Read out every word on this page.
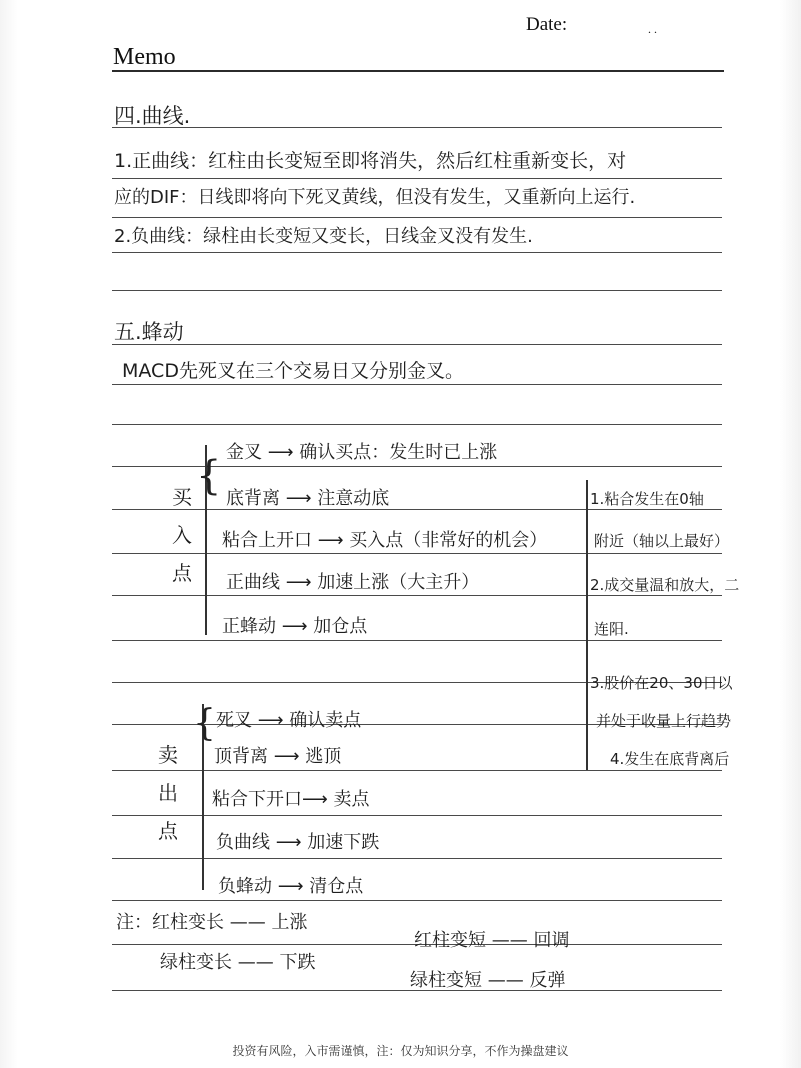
Date:	. .
Memo
四.曲线.
1.正曲线：红柱由长变短至即将消失，然后红柱重新变长，对
应的DIF：日线即将向下死叉黄线，但没有发生，又重新向上运行.
2.负曲线：绿柱由长变短又变长，日线金叉没有发生.
五.蜂动
MACD先死叉在三个交易日又分别金叉。
买
入
点
{
金叉 ⟶ 确认买点：发生时已上涨
底背离 ⟶ 注意动底
粘合上开口 ⟶ 买入点（非常好的机会）
正曲线 ⟶ 加速上涨（大主升）
正蜂动 ⟶ 加仓点
1.粘合发生在0轴
附近（轴以上最好）
2.成交量温和放大，二
连阳.
3.股价在20、30日以
并处于收量上行趋势
4.发生在底背离后
卖
出
点
{ 死叉 ⟶ 确认卖点
顶背离 ⟶ 逃顶
粘合下开口⟶ 卖点
负曲线 ⟶ 加速下跌
负蜂动 ⟶ 清仓点
注：红柱变长 —— 上涨
红柱变短 —— 回调
绿柱变长 —— 下跌
绿柱变短 —— 反弹
投资有风险，入市需谨慎，注：仅为知识分享，不作为操盘建议
